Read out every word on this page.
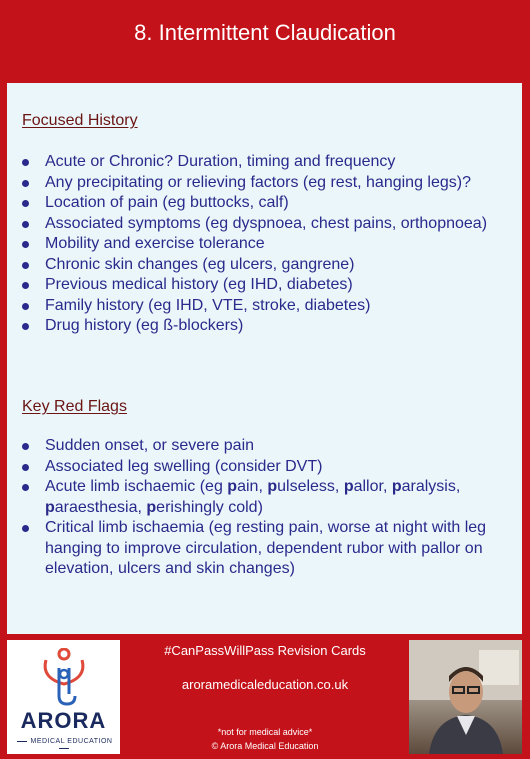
8. Intermittent Claudication
Focused History
Acute or Chronic? Duration, timing and frequency
Any precipitating or relieving factors (eg rest, hanging legs)?
Location of pain (eg buttocks, calf)
Associated symptoms (eg dyspnoea, chest pains, orthopnoea)
Mobility and exercise tolerance
Chronic skin changes (eg ulcers, gangrene)
Previous medical history (eg IHD, diabetes)
Family history (eg IHD, VTE, stroke, diabetes)
Drug history (eg ß-blockers)
Key Red Flags
Sudden onset, or severe pain
Associated leg swelling (consider DVT)
Acute limb ischaemic (eg pain, pulseless, pallor, paralysis, paraesthesia, perishingly cold)
Critical limb ischaemia (eg resting pain, worse at night with leg hanging to improve circulation, dependent rubor with pallor on elevation, ulcers and skin changes)
ARORA
MEDICAL EDUCATION
#CanPassWillPass Revision Cards
aroramedicaleducation.co.uk
*not for medical advice*
© Arora Medical Education
